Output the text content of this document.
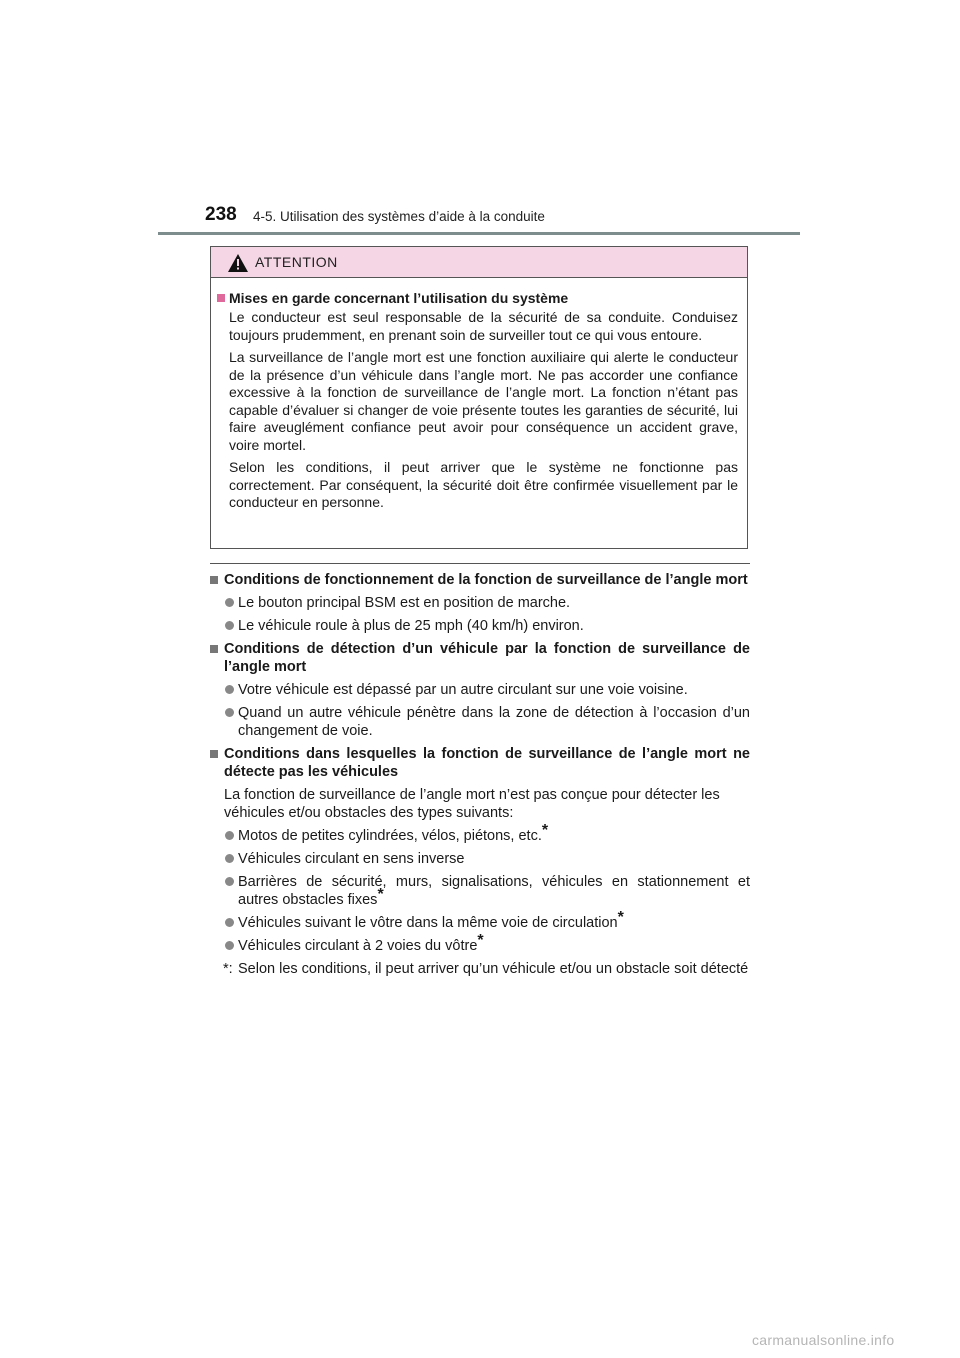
238 4-5. Utilisation des systèmes d’aide à la conduite
ATTENTION
Mises en garde concernant l’utilisation du système

Le conducteur est seul responsable de la sécurité de sa conduite. Conduisez toujours prudemment, en prenant soin de surveiller tout ce qui vous entoure.

La surveillance de l’angle mort est une fonction auxiliaire qui alerte le conducteur de la présence d’un véhicule dans l’angle mort. Ne pas accorder une confiance excessive à la fonction de surveillance de l’angle mort. La fonction n’étant pas capable d’évaluer si changer de voie présente toutes les garanties de sécurité, lui faire aveuglément confiance peut avoir pour conséquence un accident grave, voire mortel.

Selon les conditions, il peut arriver que le système ne fonctionne pas correctement. Par conséquent, la sécurité doit être confirmée visuellement par le conducteur en personne.

Conditions de fonctionnement de la fonction de surveillance de l’angle mort
Le bouton principal BSM est en position de marche.
Le véhicule roule à plus de 25 mph (40 km/h) environ.
Conditions de détection d’un véhicule par la fonction de surveillance de l’angle mort
Votre véhicule est dépassé par un autre circulant sur une voie voisine.
Quand un autre véhicule pénètre dans la zone de détection à l’occasion d’un changement de voie.
Conditions dans lesquelles la fonction de surveillance de l’angle mort ne détecte pas les véhicules

La fonction de surveillance de l’angle mort n’est pas conçue pour détecter les véhicules et/ou obstacles des types suivants:

Motos de petites cylindrées, vélos, piétons, etc.*
Véhicules circulant en sens inverse
Barrières de sécurité, murs, signalisations, véhicules en stationnement et autres obstacles fixes*
Véhicules suivant le vôtre dans la même voie de circulation*
Véhicules circulant à 2 voies du vôtre*

*: Selon les conditions, il peut arriver qu’un véhicule et/ou un obstacle soit détecté

carmanualsonline.info
